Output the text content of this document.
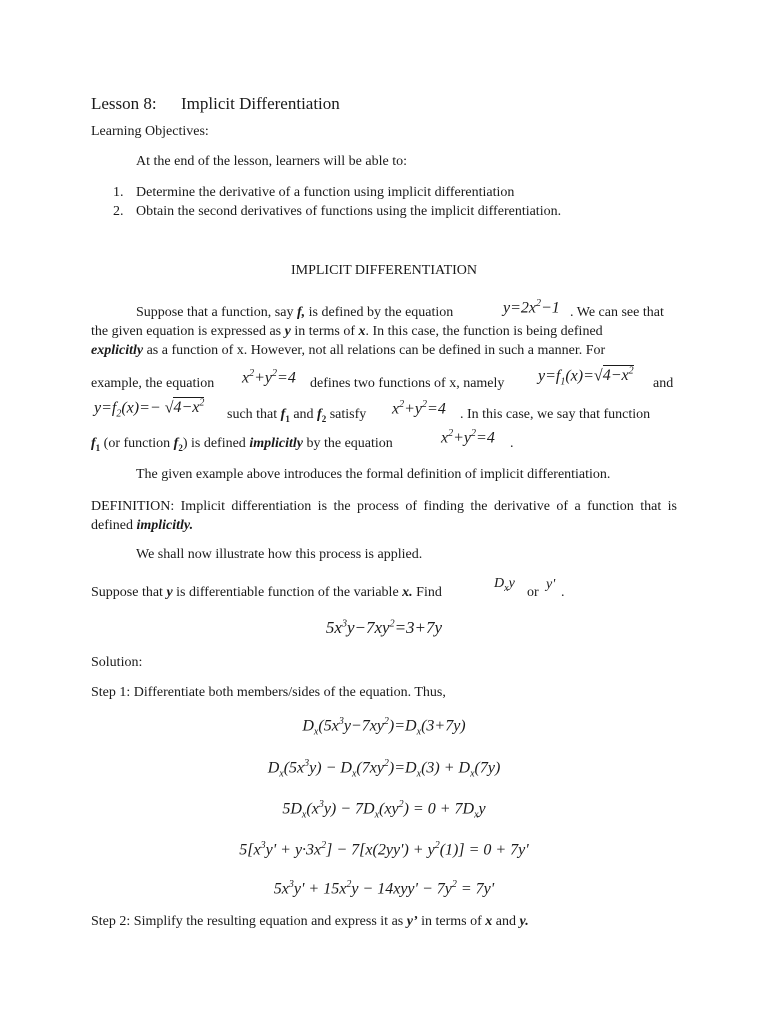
Lesson 8: Implicit Differentiation
Learning Objectives:
At the end of the lesson, learners will be able to:
1. Determine the derivative of a function using implicit differentiation
2. Obtain the second derivatives of functions using the implicit differentiation.
IMPLICIT DIFFERENTIATION
Suppose that a function, say f, is defined by the equation	$y=2x^2-1$ . We can see that
the given equation is expressed as y in terms of x. In this case, the function is being defined
explicitly as a function of x. However, not all relations can be defined in such a manner. For
example, the equation $x^2+y^2=4$ defines two functions of x, namely $y=f_1(x)=√4-x^2$
and
$y=f_2(x)=- √4-x^2$
such that $f_1$ and $f_2$ satisfy $x^2+y^2=4$ . In this case, we say that function
$f_1$ (or function $f_2$) is defined implicitly by the equation	$x^2+y^2=4$ .
The given example above introduces the formal definition of implicit differentiation.
DEFINITION: Implicit differentiation is the process of finding the derivative of a function that is defined implicitly.
We shall now illustrate how this process is applied.
Suppose that y is differentiable function of the variable x. Find
$D_xy$
or
y'
.
$5x^3y-7xy^2=3+7y$
Solution:
Step 1: Differentiate both members/sides of the equation. Thus,
$D_x(5x^3y-7xy^2)=D_x(3+7y)$
$D_x(5x^3y) - D_x(7xy^2)=D_x(3) + D_x(7y)$
$5D_x(x^3y) - 7D_x(xy^2) = 0 + 7D_xy$
$5[x^3y' + y\cdot 3x^2] - 7[x(2yy') + y^2(1)] = 0 + 7y'$
$5x^3y' + 15x^2y - 14xyy' - 7y^2 = 7y'$
Step 2: Simplify the resulting equation and express it as y’ in terms of x and y.
